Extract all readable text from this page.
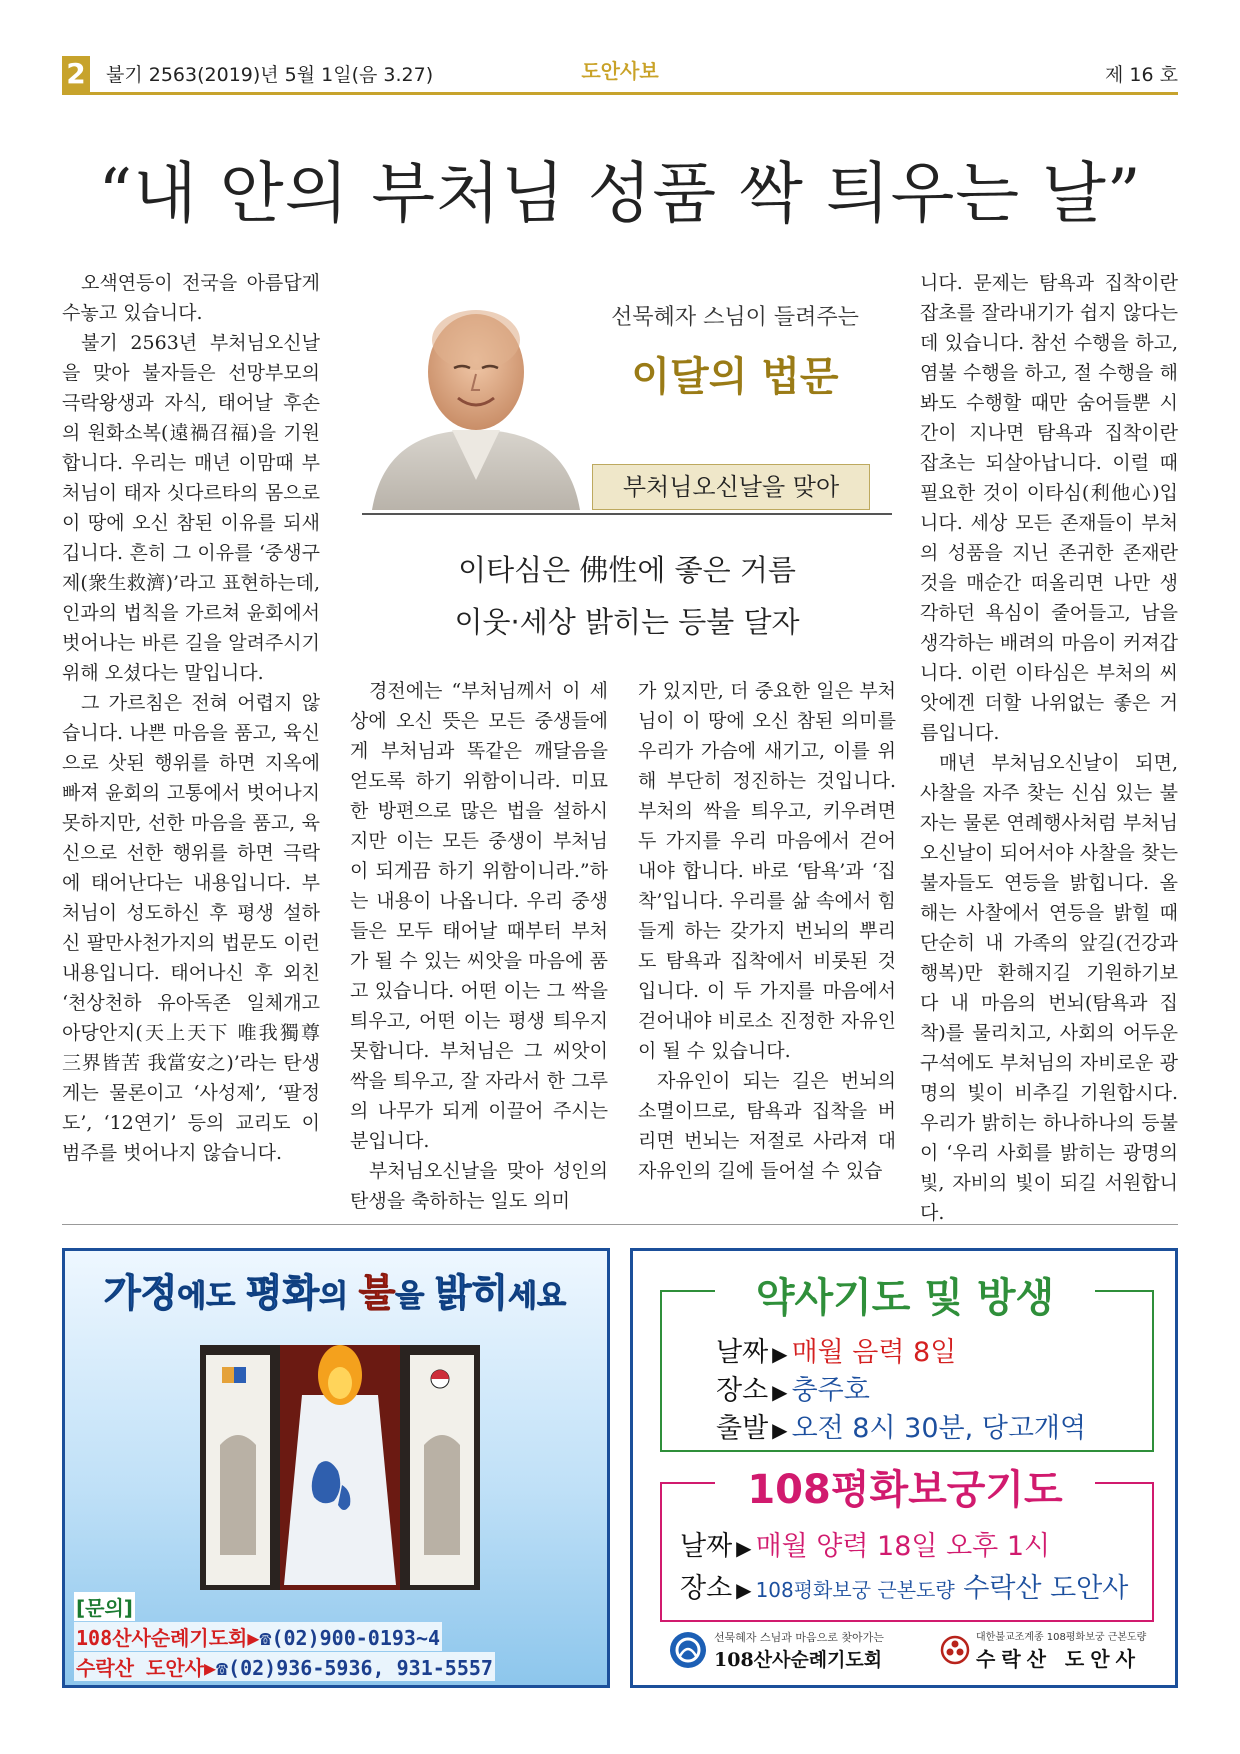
2 불기 2563(2019)년 5월 1일(음 3.27)	도안사보	제 16 호
“내 안의 부처님 성품 싹 틔우는 날”
선묵혜자 스님이 들려주는
이달의 법문
부처님오신날을 맞아
이타심은 佛性에 좋은 거름
이웃·세상 밝히는 등불 달자

오색연등이 전국을 아름답게 수놓고 있습니다.

불기 2563년 부처님오신날을 맞아 불자들은 선망부모의 극락왕생과 자식, 태어날 후손의 원화소복(遠禍召福)을 기원합니다. 우리는 매년 이맘때 부처님이 태자 싯다르타의 몸으로 이 땅에 오신 참된 이유를 되새깁니다. 흔히 그 이유를 ‘중생구제(衆生救濟)’라고 표현하는데, 인과의 법칙을 가르쳐 윤회에서 벗어나는 바른 길을 알려주시기 위해 오셨다는 말입니다.

그 가르침은 전혀 어렵지 않습니다. 나쁜 마음을 품고, 육신으로 삿된 행위를 하면 지옥에 빠져 윤회의 고통에서 벗어나지 못하지만, 선한 마음을 품고, 육신으로 선한 행위를 하면 극락에 태어난다는 내용입니다. 부처님이 성도하신 후 평생 설하신 팔만사천가지의 법문도 이런 내용입니다. 태어나신 후 외친 ‘천상천하 유아독존 일체개고 아당안지(天上天下 唯我獨尊 三界皆苦 我當安之)’라는 탄생게는 물론이고 ‘사성제’, ‘팔정도’, ‘12연기’ 등의 교리도 이 범주를 벗어나지 않습니다.

경전에는 “부처님께서 이 세상에 오신 뜻은 모든 중생들에게 부처님과 똑같은 깨달음을 얻도록 하기 위함이니라. 미묘한 방편으로 많은 법을 설하시지만 이는 모든 중생이 부처님이 되게끔 하기 위함이니라.”하는 내용이 나옵니다. 우리 중생들은 모두 태어날 때부터 부처가 될 수 있는 씨앗을 마음에 품고 있습니다. 어떤 이는 그 싹을 틔우고, 어떤 이는 평생 틔우지 못합니다. 부처님은 그 씨앗이 싹을 틔우고, 잘 자라서 한 그루의 나무가 되게 이끌어 주시는 분입니다.

부처님오신날을 맞아 성인의 탄생을 축하하는 일도 의미

가 있지만, 더 중요한 일은 부처님이 이 땅에 오신 참된 의미를 우리가 가슴에 새기고, 이를 위해 부단히 정진하는 것입니다. 부처의 싹을 틔우고, 키우려면 두 가지를 우리 마음에서 걷어내야 합니다. 바로 ‘탐욕’과 ‘집착’입니다. 우리를 삶 속에서 힘들게 하는 갖가지 번뇌의 뿌리도 탐욕과 집착에서 비롯된 것입니다. 이 두 가지를 마음에서 걷어내야 비로소 진정한 자유인이 될 수 있습니다.

자유인이 되는 길은 번뇌의 소멸이므로, 탐욕과 집착을 버리면 번뇌는 저절로 사라져 대자유인의 길에 들어설 수 있습

니다. 문제는 탐욕과 집착이란 잡초를 잘라내기가 쉽지 않다는데 있습니다. 참선 수행을 하고, 염불 수행을 하고, 절 수행을 해봐도 수행할 때만 숨어들뿐 시간이 지나면 탐욕과 집착이란 잡초는 되살아납니다. 이럴 때 필요한 것이 이타심(利他心)입니다. 세상 모든 존재들이 부처의 성품을 지닌 존귀한 존재란 것을 매순간 떠올리면 나만 생각하던 욕심이 줄어들고, 남을 생각하는 배려의 마음이 커져갑니다. 이런 이타심은 부처의 씨앗에겐 더할 나위없는 좋은 거름입니다.

매년 부처님오신날이 되면, 사찰을 자주 찾는 신심 있는 불자는 물론 연례행사처럼 부처님오신날이 되어서야 사찰을 찾는 불자들도 연등을 밝힙니다. 올해는 사찰에서 연등을 밝힐 때 단순히 내 가족의 앞길(건강과 행복)만 환해지길 기원하기보다 내 마음의 번뇌(탐욕과 집착)를 물리치고, 사회의 어두운 구석에도 부처님의 자비로운 광명의 빛이 비추길 기원합시다. 우리가 밝히는 하나하나의 등불이 ‘우리 사회를 밝히는 광명의 빛, 자비의 빛이 되길 서원합니다.

가정에도 평화의 불을 밝히세요
[문의]
108산사순례기도회▶☎(02)900-0193~4
수락산 도안사▶☎(02)936-5936, 931-5557
약사기도 및 방생
날짜 ▶ 매월 음력 8일
장소 ▶ 충주호
출발 ▶ 오전 8시 30분, 당고개역
108평화보궁기도
날짜 ▶ 매월 양력 18일 오후 1시
장소 ▶ 108평화보궁 근본도량 수락산 도안사
선묵혜자 스님과 마음으로 찾아가는
108산사순례기도회
대한불교조계종 108평화보궁 근본도량
수락산 도안사
